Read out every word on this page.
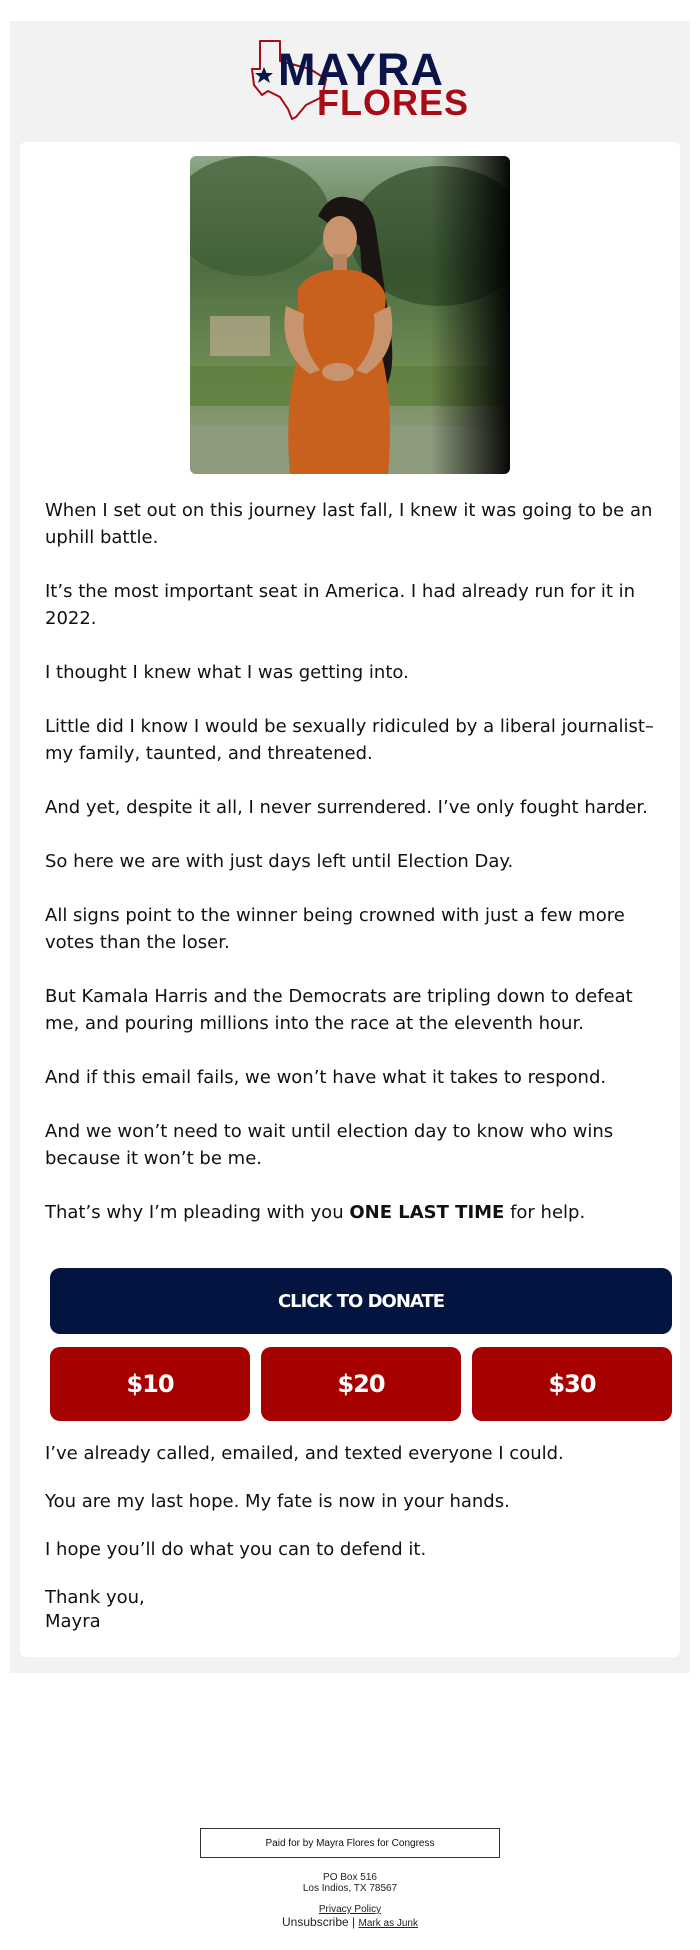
MAYRA
FLORES

When I set out on this journey last fall, I knew it was going to be an uphill battle.

It’s the most important seat in America. I had already run for it in 2022.

I thought I knew what I was getting into.

Little did I know I would be sexually ridiculed by a liberal journalist– my family, taunted, and threatened.

And yet, despite it all, I never surrendered. I’ve only fought harder.

So here we are with just days left until Election Day.

All signs point to the winner being crowned with just a few more votes than the loser.

But Kamala Harris and the Democrats are tripling down to defeat me, and pouring millions into the race at the eleventh hour.

And if this email fails, we won’t have what it takes to respond.

And we won’t need to wait until election day to know who wins because it won’t be me.

That’s why I’m pleading with you ONE LAST TIME for help.

CLICK TO DONATE
$10	$20	$30

I’ve already called, emailed, and texted everyone I could.

You are my last hope. My fate is now in your hands.

I hope you’ll do what you can to defend it.

Thank you,

Mayra

Paid for by Mayra Flores for Congress
PO Box 516
Los Indios, TX 78567
Privacy Policy
Unsubscribe | Mark as Junk
